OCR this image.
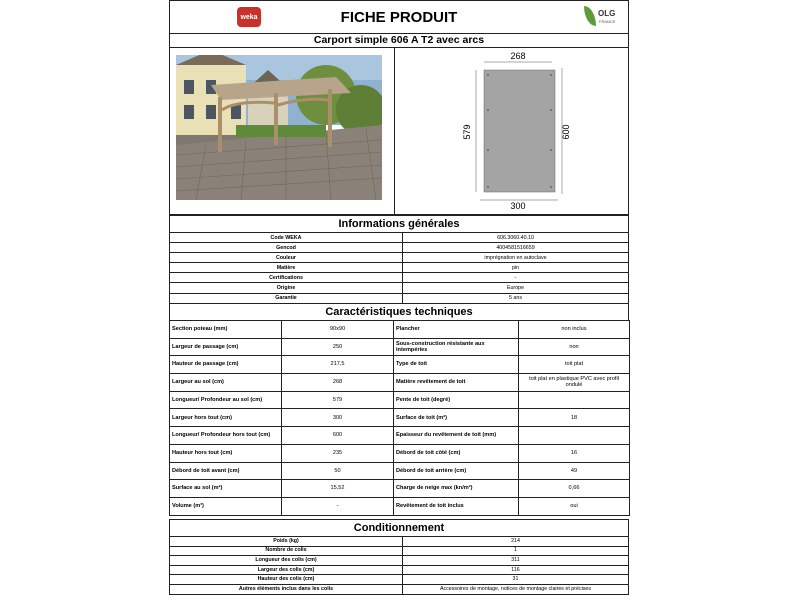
weka	FICHE PRODUIT	OLG
FRANCE
Carport simple 606 A T2 avec arcs
268
579	600
300
Informations générales
Code WEKA	606.3060.40.10
Gencod	4004581516659
Couleur	imprégnation en autoclave
Matière	pin
Certifications	-
Origine	Europe
Garantie	5 ans
Caractéristiques techniques
Section poteau (mm)	90x90	Plancher	non inclus
Largeur de passage (cm)	250	Sous-construction résistante aux intempéries	non
Hauteur de passage (cm)	217,5	Type de toit	toit plat
Largeur au sol (cm)	268	Matière revêtement de toit	toit plat en plastique PVC avec profil ondulé
Longueur/ Profondeur au sol (cm)	579	Pente de toit (degré)	
Largeur hors tout (cm)	300	Surface de toit (m²)	18
Longueur/ Profondeur hors tout (cm)	600	Epaisseur du revêtement de toit (mm)	
Hauteur hors tout (cm)	235	Débord de toit côté (cm)	16
Débord de toit avant (cm)	50	Débord de toit arrière (cm)	49
Surface au sol (m²)	15,52	Charge de neige max (kn/m²)	0,66
Volume (m³)	-	Revêtement de toit inclus	oui
Conditionnement
Poids (kg)	214
Nombre de colis	1
Longueur des colis (cm)	311
Largeur des colis (cm)	116
Hauteur des colis (cm)	31
Autres éléments inclus dans les colis	Accessoires de montage, notices de montage claires et précises
